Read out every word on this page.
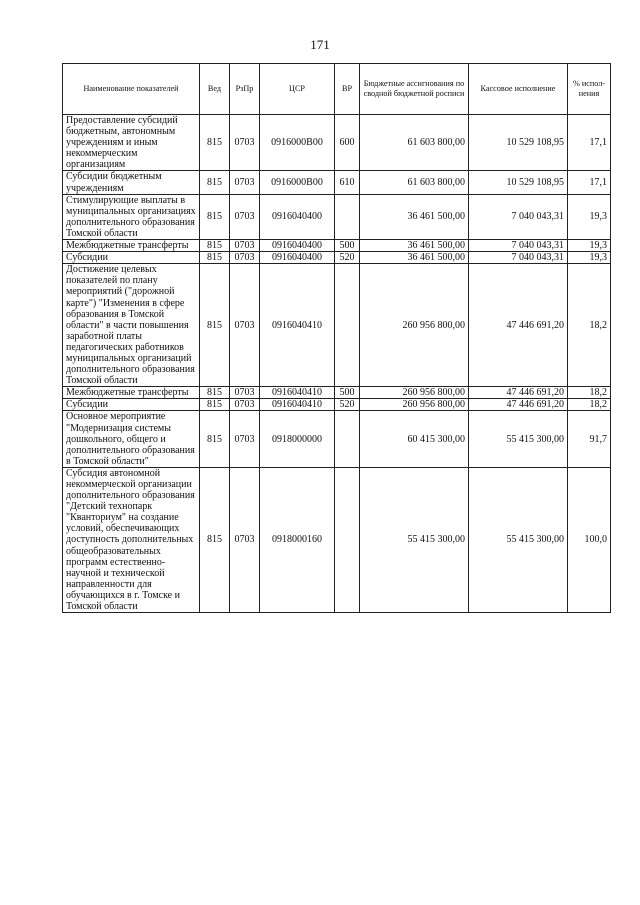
171
Наименование показателей	Вед	РзПр	ЦСР	ВР	Бюджетные ассигнования по сводной бюджетной росписи	Кассовое исполнение	% испол-нения
Предоставление субсидий бюджетным, автономным учреждениям и иным некоммерческим организациям	815	0703	0916000В00	600	61 603 800,00	10 529 108,95	17,1
Субсидии бюджетным учреждениям	815	0703	0916000В00	610	61 603 800,00	10 529 108,95	17,1
Стимулирующие выплаты в муниципальных организациях дополнительного образования Томской области	815	0703	0916040400		36 461 500,00	7 040 043,31	19,3
Межбюджетные трансферты	815	0703	0916040400	500	36 461 500,00	7 040 043,31	19,3
Субсидии	815	0703	0916040400	520	36 461 500,00	7 040 043,31	19,3
Достижение целевых показателей по плану мероприятий ("дорожной карте") "Изменения в сфере образования в Томской области" в части повышения заработной платы педагогических работников муниципальных организаций дополнительного образования Томской области	815	0703	0916040410		260 956 800,00	47 446 691,20	18,2
Межбюджетные трансферты	815	0703	0916040410	500	260 956 800,00	47 446 691,20	18,2
Субсидии	815	0703	0916040410	520	260 956 800,00	47 446 691,20	18,2
Основное мероприятие "Модернизация системы дошкольного, общего и дополнительного образования в Томской области"	815	0703	0918000000		60 415 300,00	55 415 300,00	91,7
Субсидия автономной некоммерческой организации дополнительного образования "Детский технопарк "Кванториум" на создание условий, обеспечивающих доступность дополнительных общеобразовательных программ естественно-научной и технической направленности для обучающихся в г. Томске и Томской области	815	0703	0918000160		55 415 300,00	55 415 300,00	100,0
